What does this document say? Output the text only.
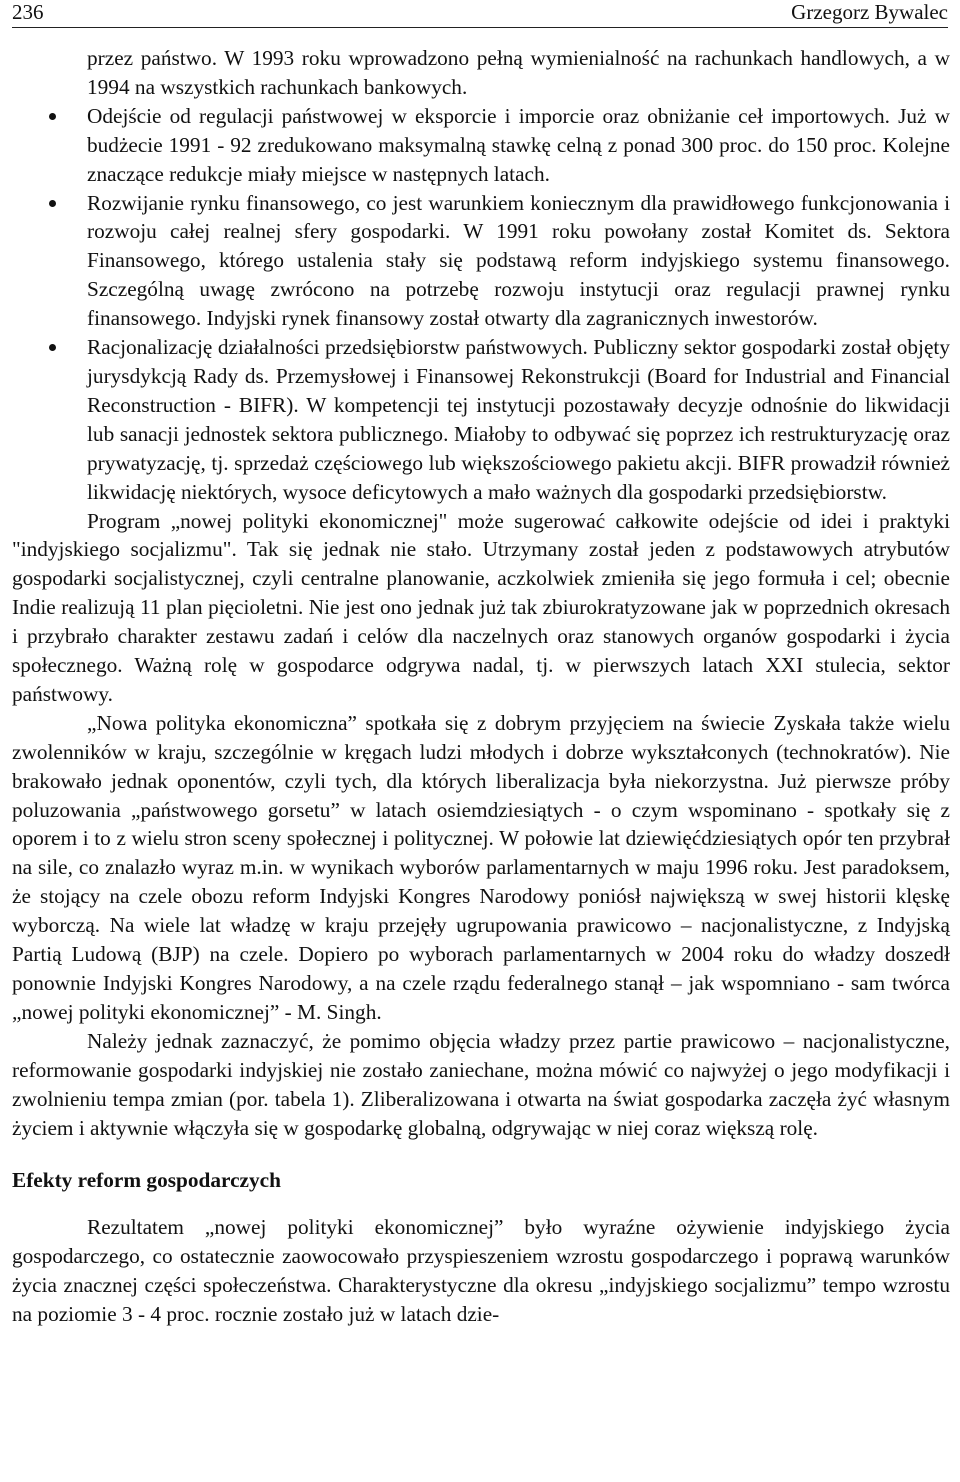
236	Grzegorz Bywalec

przez państwo. W 1993 roku wprowadzono pełną wymienialność na rachunkach handlowych, a w 1994 na wszystkich rachunkach bankowych.

Odejście od regulacji państwowej w eksporcie i imporcie oraz obniżanie ceł importowych. Już w budżecie 1991 - 92 zredukowano maksymalną stawkę celną z ponad 300 proc. do 150 proc. Kolejne znaczące redukcje miały miejsce w następnych latach.
Rozwijanie rynku finansowego, co jest warunkiem koniecznym dla prawidłowego funkcjonowania i rozwoju całej realnej sfery gospodarki. W 1991 roku powołany został Komitet ds. Sektora Finansowego, którego ustalenia stały się podstawą reform indyjskiego systemu finansowego. Szczególną uwagę zwrócono na potrzebę rozwoju instytucji oraz regulacji prawnej rynku finansowego. Indyjski rynek finansowy został otwarty dla zagranicznych inwestorów.
Racjonalizację działalności przedsiębiorstw państwowych. Publiczny sektor gospodarki został objęty jurysdykcją Rady ds. Przemysłowej i Finansowej Rekonstrukcji (Board for Industrial and Financial Reconstruction - BIFR). W kompetencji tej instytucji pozostawały decyzje odnośnie do likwidacji lub sanacji jednostek sektora publicznego. Miałoby to odbywać się poprzez ich restrukturyzację oraz prywatyzację, tj. sprzedaż częściowego lub większościowego pakietu akcji. BIFR prowadził również likwidację niektórych, wysoce deficytowych a mało ważnych dla gospodarki przedsiębiorstw.

Program „nowej polityki ekonomicznej" może sugerować całkowite odejście od idei i praktyki "indyjskiego socjalizmu". Tak się jednak nie stało. Utrzymany został jeden z podstawowych atrybutów gospodarki socjalistycznej, czyli centralne planowanie, aczkolwiek zmieniła się jego formuła i cel; obecnie Indie realizują 11 plan pięcioletni. Nie jest ono jednak już tak zbiurokratyzowane jak w poprzednich okresach i przybrało charakter zestawu zadań i celów dla naczelnych oraz stanowych organów gospodarki i życia społecznego. Ważną rolę w gospodarce odgrywa nadal, tj. w pierwszych latach XXI stulecia, sektor państwowy.

„Nowa polityka ekonomiczna” spotkała się z dobrym przyjęciem na świecie Zyskała także wielu zwolenników w kraju, szczególnie w kręgach ludzi młodych i dobrze wykształconych (technokratów). Nie brakowało jednak oponentów, czyli tych, dla których liberalizacja była niekorzystna. Już pierwsze próby poluzowania „państwowego gorsetu” w latach osiemdziesiątych - o czym wspominano - spotkały się z oporem i to z wielu stron sceny społecznej i politycznej. W połowie lat dziewięćdziesiątych opór ten przybrał na sile, co znalazło wyraz m.in. w wynikach wyborów parlamentarnych w maju 1996 roku. Jest paradoksem, że stojący na czele obozu reform Indyjski Kongres Narodowy poniósł największą w swej historii klęskę wyborczą. Na wiele lat władzę w kraju przejęły ugrupowania prawicowo – nacjonalistyczne, z Indyjską Partią Ludową (BJP) na czele. Dopiero po wyborach parlamentarnych w 2004 roku do władzy doszedł ponownie Indyjski Kongres Narodowy, a na czele rządu federalnego stanął – jak wspomniano - sam twórca „nowej polityki ekonomicznej” - M. Singh.

Należy jednak zaznaczyć, że pomimo objęcia władzy przez partie prawicowo – nacjonalistyczne, reformowanie gospodarki indyjskiej nie zostało zaniechane, można mówić co najwyżej o jego modyfikacji i zwolnieniu tempa zmian (por. tabela 1). Zliberalizowana i otwarta na świat gospodarka zaczęła żyć własnym życiem i aktywnie włączyła się w gospodarkę globalną, odgrywając w niej coraz większą rolę.

Efekty reform gospodarczych

Rezultatem „nowej polityki ekonomicznej” było wyraźne ożywienie indyjskiego życia gospodarczego, co ostatecznie zaowocowało przyspieszeniem wzrostu gospodarczego i poprawą warunków życia znacznej części społeczeństwa. Charakterystyczne dla okresu „indyjskiego socjalizmu” tempo wzrostu na poziomie 3 - 4 proc. rocznie zostało już w latach dzie-
